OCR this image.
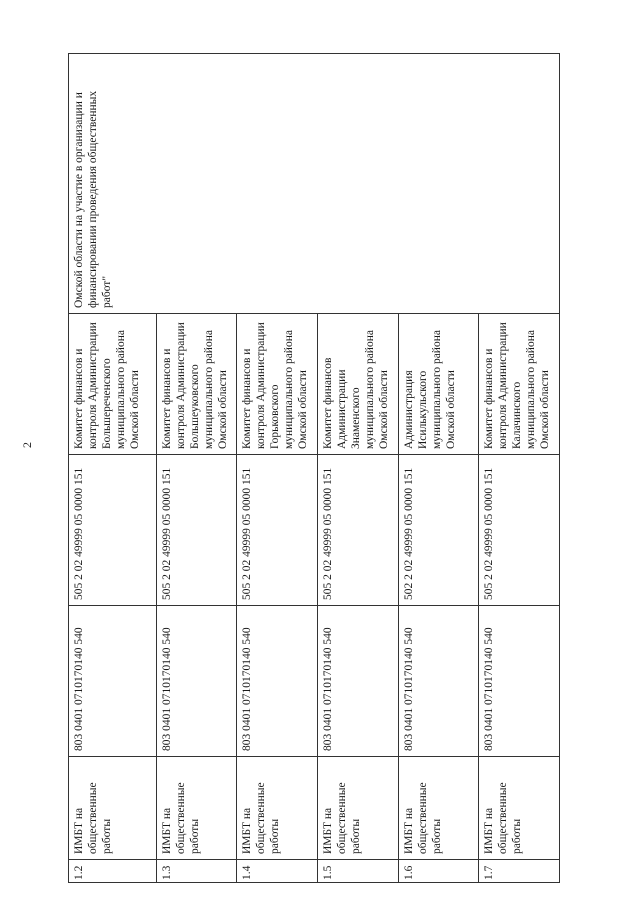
2
1.2	ИМБТ на общественные работы	803 0401 0710170140 540	505 2 02 49999 05 0000 151	Комитет финансов и контроля Администрации Большереченского муниципального района Омской области	Омской области на участие в организации и финансировании проведения общественных работ"
1.3	ИМБТ на общественные работы	803 0401 0710170140 540	505 2 02 49999 05 0000 151	Комитет финансов и контроля Администрации Большеуковского муниципального района Омской области	
1.4	ИМБТ на общественные работы	803 0401 0710170140 540	505 2 02 49999 05 0000 151	Комитет финансов и контроля Администрации Горьковского муниципального района Омской области	
1.5	ИМБТ на общественные работы	803 0401 0710170140 540	505 2 02 49999 05 0000 151	Комитет финансов Администрации Знаменского муниципального района Омской области	
1.6	ИМБТ на общественные работы	803 0401 0710170140 540	502 2 02 49999 05 0000 151	Администрация Исилькульского муниципального района Омской области	
1.7	ИМБТ на общественные работы	803 0401 0710170140 540	505 2 02 49999 05 0000 151	Комитет финансов и контроля Администрации Калачинского муниципального района Омской области	
